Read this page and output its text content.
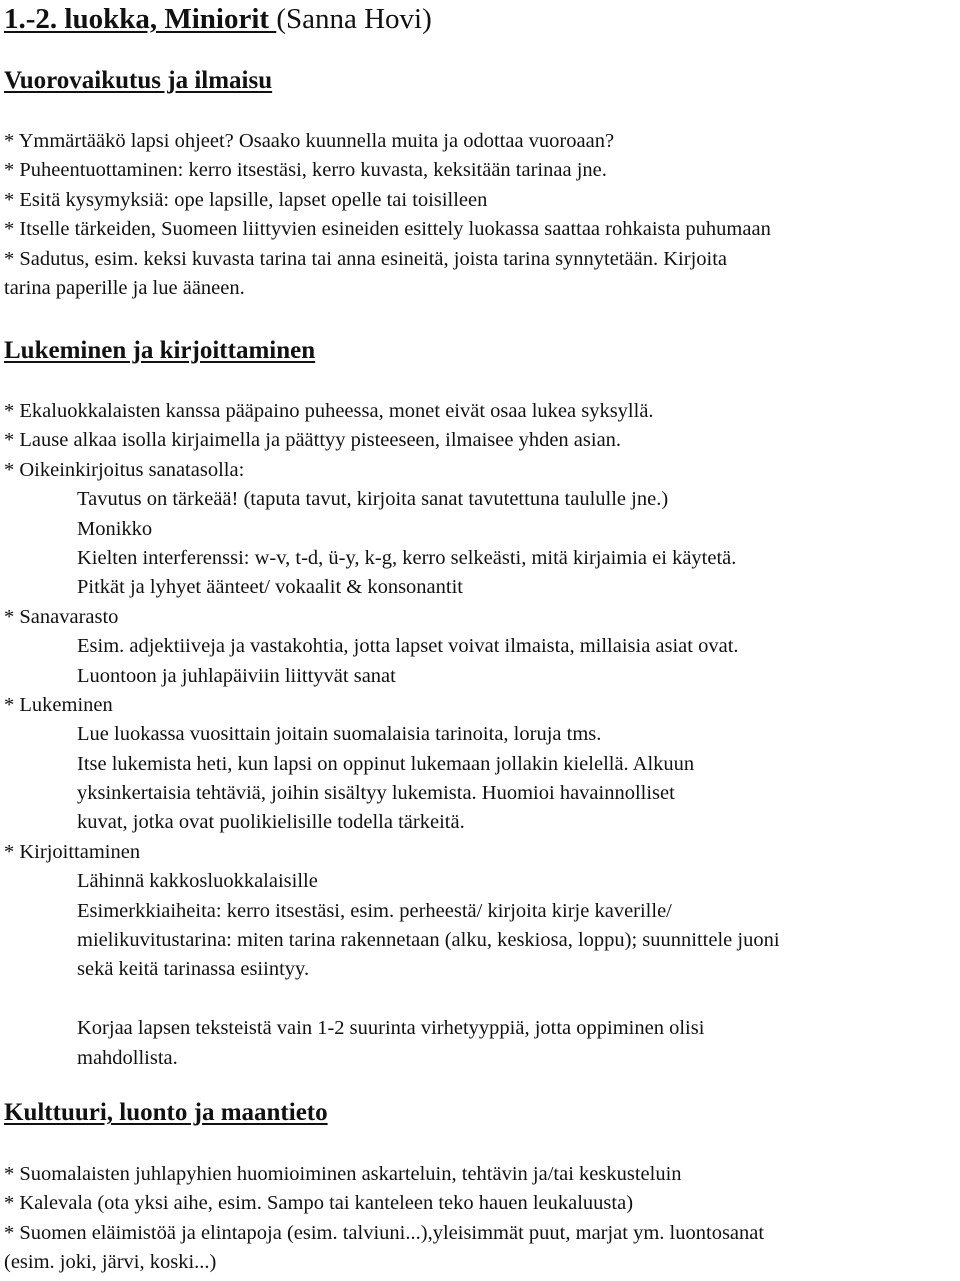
1.-2. luokka, Miniorit (Sanna Hovi)
Vuorovaikutus ja ilmaisu
* Ymmärtääkö lapsi ohjeet? Osaako kuunnella muita ja odottaa vuoroaan?
* Puheentuottaminen: kerro itsestäsi, kerro kuvasta, keksitään tarinaa jne.
* Esitä kysymyksiä: ope lapsille, lapset opelle tai toisilleen
* Itselle tärkeiden, Suomeen liittyvien esineiden esittely luokassa saattaa rohkaista puhumaan
* Sadutus, esim. keksi kuvasta tarina tai anna esineitä, joista tarina synnytetään. Kirjoita
tarina paperille ja lue ääneen.
Lukeminen ja kirjoittaminen
* Ekaluokkalaisten kanssa pääpaino puheessa, monet eivät osaa lukea syksyllä.
* Lause alkaa isolla kirjaimella ja päättyy pisteeseen, ilmaisee yhden asian.
* Oikeinkirjoitus sanatasolla:
Tavutus on tärkeää! (taputa tavut, kirjoita sanat tavutettuna taululle jne.)
Monikko
Kielten interferenssi: w-v, t-d, ü-y, k-g, kerro selkeästi, mitä kirjaimia ei käytetä.
Pitkät ja lyhyet äänteet/ vokaalit & konsonantit
* Sanavarasto
Esim. adjektiiveja ja vastakohtia, jotta lapset voivat ilmaista, millaisia asiat ovat.
Luontoon ja juhlapäiviin liittyvät sanat
* Lukeminen
Lue luokassa vuosittain joitain suomalaisia tarinoita, loruja tms.
Itse lukemista heti, kun lapsi on oppinut lukemaan jollakin kielellä. Alkuun
yksinkertaisia tehtäviä, joihin sisältyy lukemista. Huomioi havainnolliset
kuvat, jotka ovat puolikielisille todella tärkeitä.
* Kirjoittaminen
Lähinnä kakkosluokkalaisille
Esimerkkiaiheita: kerro itsestäsi, esim. perheestä/ kirjoita kirje kaverille/
mielikuvitustarina: miten tarina rakennetaan (alku, keskiosa, loppu); suunnittele juoni
sekä keitä tarinassa esiintyy.
Korjaa lapsen teksteistä vain 1-2 suurinta virhetyyppiä, jotta oppiminen olisi
mahdollista.
Kulttuuri, luonto ja maantieto
* Suomalaisten juhlapyhien huomioiminen askarteluin, tehtävin ja/tai keskusteluin
* Kalevala (ota yksi aihe, esim. Sampo tai kanteleen teko hauen leukaluusta)
* Suomen eläimistöä ja elintapoja (esim. talviuni...),yleisimmät puut, marjat ym. luontosanat
(esim. joki, järvi, koski...)
